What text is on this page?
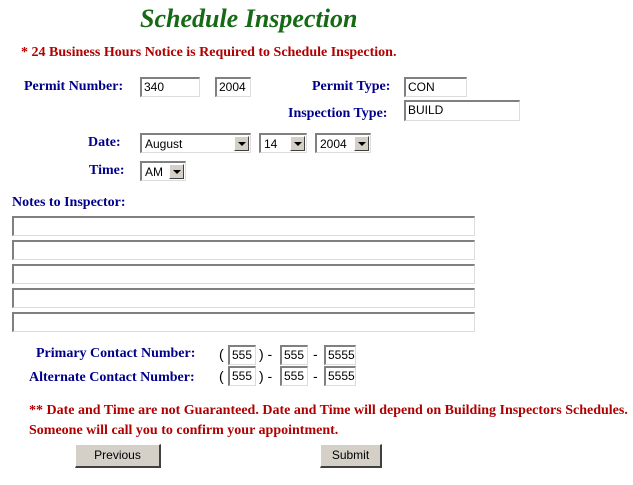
Schedule Inspection
* 24 Business Hours Notice is Required to Schedule Inspection.
Permit Number:	340	2004	Permit Type:	CON
Inspection Type:	BUILD
Date: August	14	2004
Time: AM
Notes to Inspector:
Primary Contact Number: ( 555 ) - 555 - 5555
Alternate Contact Number: ( 555 ) - 555 - 5555
** Date and Time are not Guaranteed. Date and Time will depend on Building Inspectors Schedules. Someone will call you to confirm your appointment.
Previous	Submit
